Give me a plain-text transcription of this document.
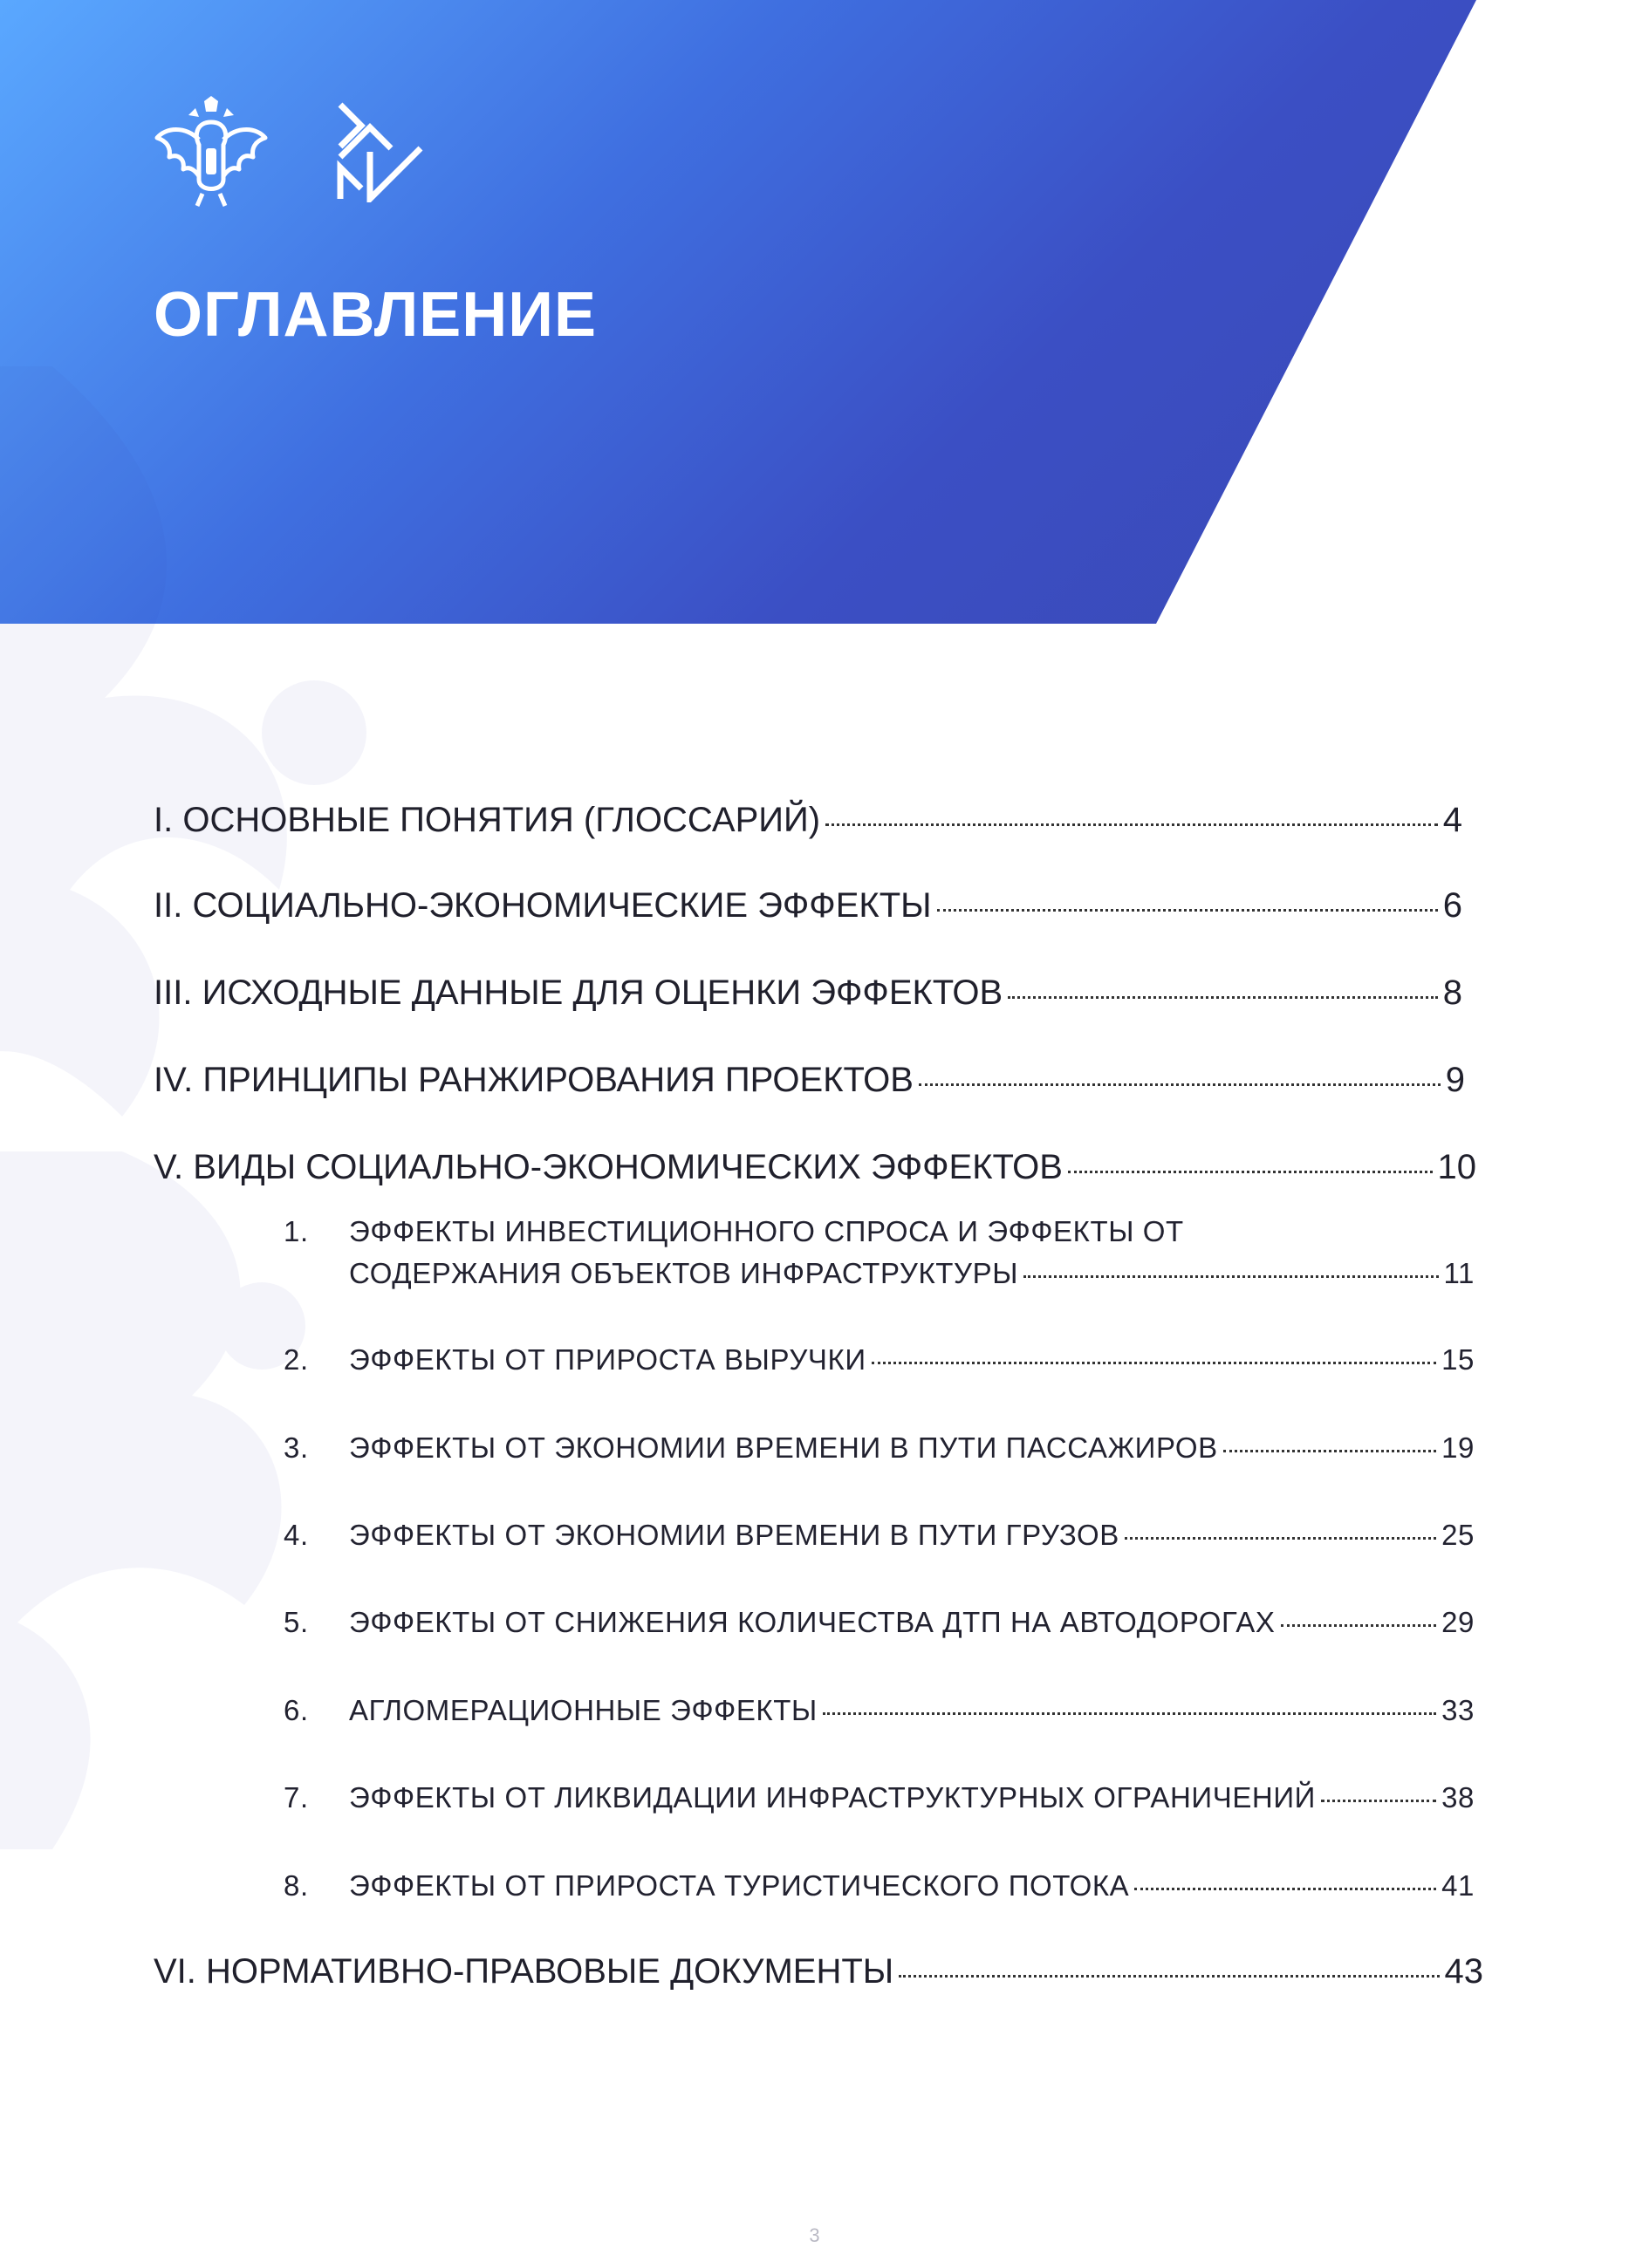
ОГЛАВЛЕНИЕ
I. ОСНОВНЫЕ ПОНЯТИЯ (ГЛОССАРИЙ)	4
II. СОЦИАЛЬНО-ЭКОНОМИЧЕСКИЕ ЭФФЕКТЫ	6
III. ИСХОДНЫЕ ДАННЫЕ ДЛЯ ОЦЕНКИ ЭФФЕКТОВ	8
IV. ПРИНЦИПЫ РАНЖИРОВАНИЯ ПРОЕКТОВ	9
V. ВИДЫ СОЦИАЛЬНО-ЭКОНОМИЧЕСКИХ ЭФФЕКТОВ	10
1. ЭФФЕКТЫ ИНВЕСТИЦИОННОГО СПРОСА И ЭФФЕКТЫ ОТ
СОДЕРЖАНИЯ ОБЪЕКТОВ ИНФРАСТРУКТУРЫ	11
2.	ЭФФЕКТЫ ОТ ПРИРОСТА ВЫРУЧКИ	15
3.	ЭФФЕКТЫ ОТ ЭКОНОМИИ ВРЕМЕНИ В ПУТИ ПАССАЖИРОВ	19
4.	ЭФФЕКТЫ ОТ ЭКОНОМИИ ВРЕМЕНИ В ПУТИ ГРУЗОВ	25
5.	ЭФФЕКТЫ ОТ СНИЖЕНИЯ КОЛИЧЕСТВА ДТП НА АВТОДОРОГАХ	29
6.	АГЛОМЕРАЦИОННЫЕ ЭФФЕКТЫ	33
7.	ЭФФЕКТЫ ОТ ЛИКВИДАЦИИ ИНФРАСТРУКТУРНЫХ ОГРАНИЧЕНИЙ	38
8.	ЭФФЕКТЫ ОТ ПРИРОСТА ТУРИСТИЧЕСКОГО ПОТОКА	41
VI. НОРМАТИВНО-ПРАВОВЫЕ ДОКУМЕНТЫ	43
3
